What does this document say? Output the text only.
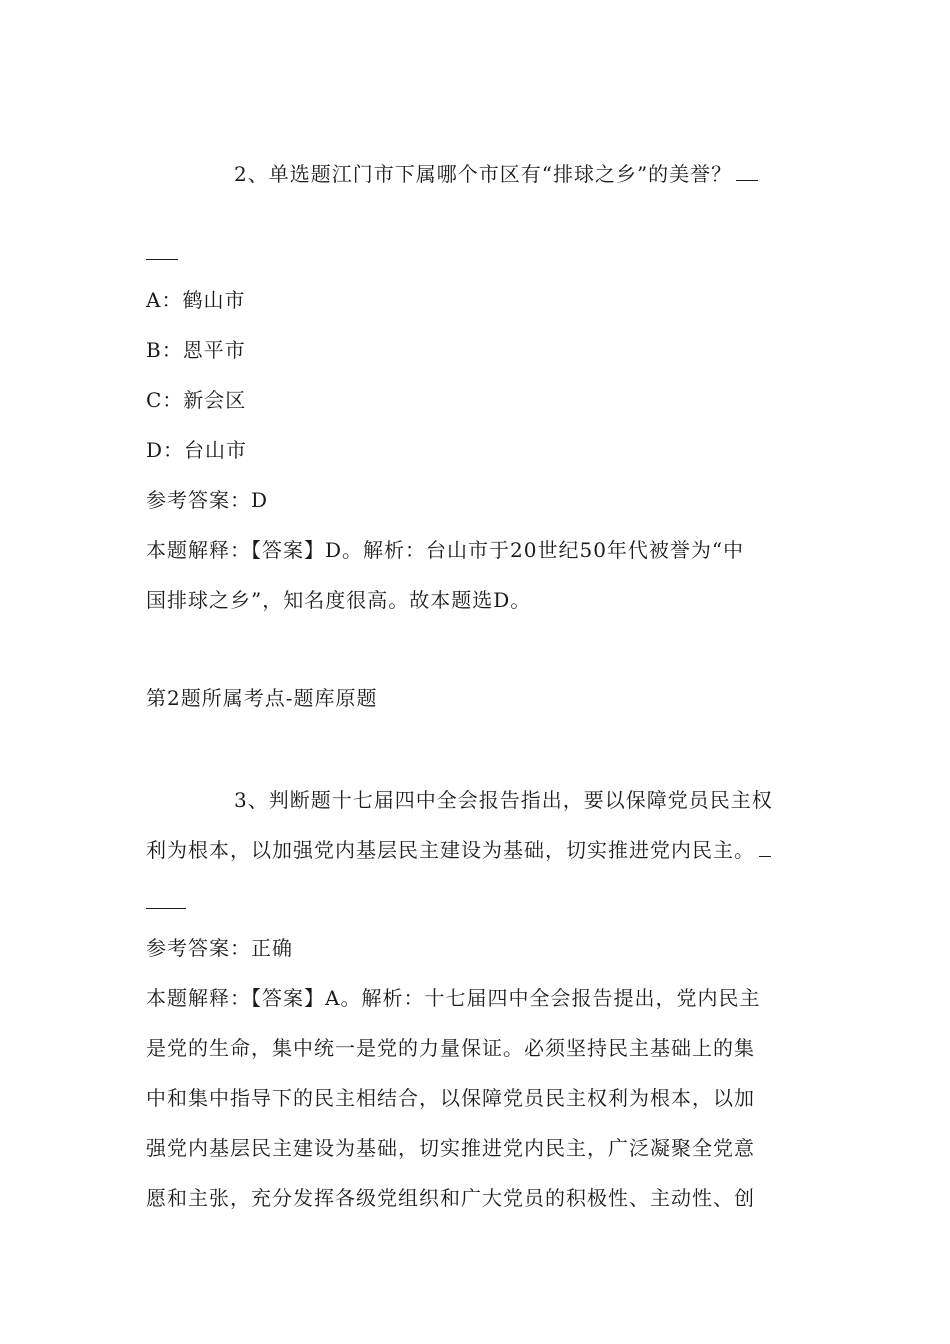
2、单选题江门市下属哪个市区有“排球之乡”的美誉？
A：鹤山市
B：恩平市
C：新会区
D：台山市
参考答案：D
本题解释：【答案】D。解析：台山市于20世纪50年代被誉为“中
国排球之乡”，知名度很高。故本题选D。
第2题所属考点-题库原题
3、判断题十七届四中全会报告指出，要以保障党员民主权
利为根本，以加强党内基层民主建设为基础，切实推进党内民主。
参考答案：正确
本题解释：【答案】A。解析：十七届四中全会报告提出，党内民主
是党的生命，集中统一是党的力量保证。必须坚持民主基础上的集
中和集中指导下的民主相结合，以保障党员民主权利为根本，以加
强党内基层民主建设为基础，切实推进党内民主，广泛凝聚全党意
愿和主张，充分发挥各级党组织和广大党员的积极性、主动性、创
